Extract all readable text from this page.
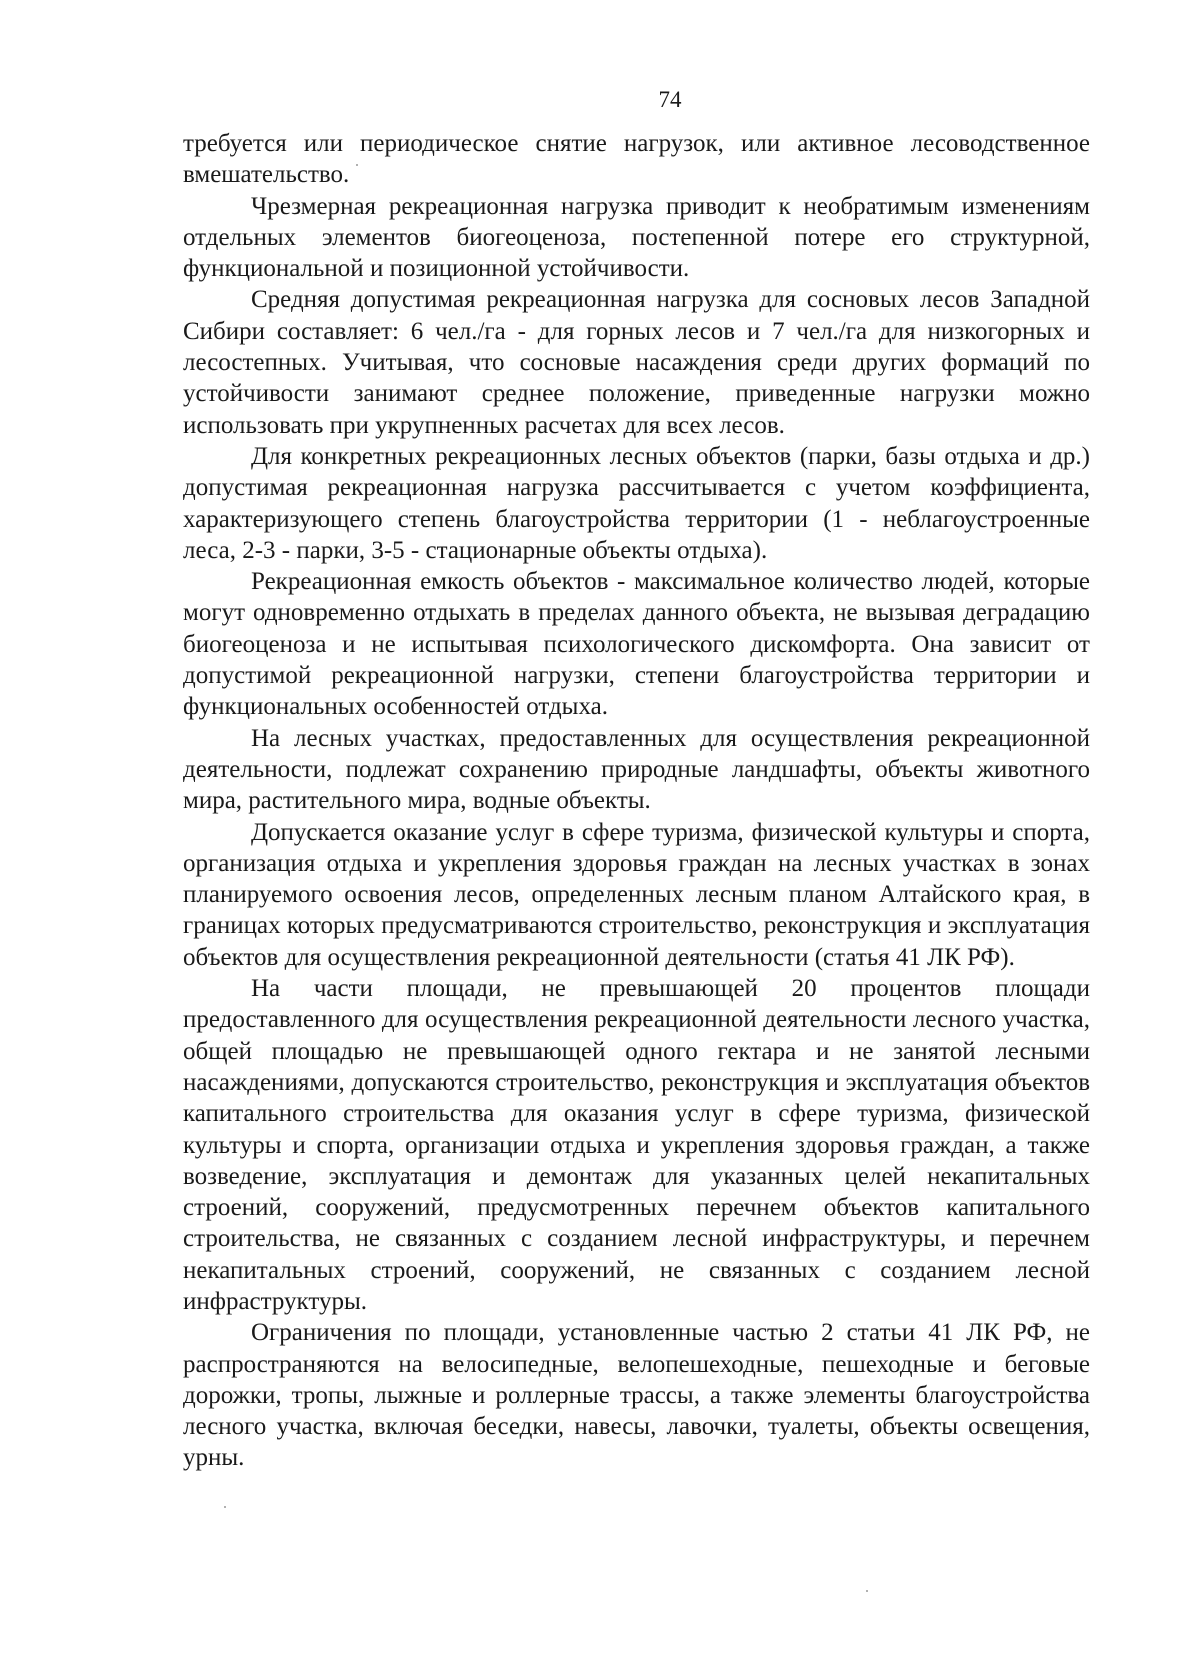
74

требуется или периодическое снятие нагрузок, или активное лесоводственное вмешательство.

Чрезмерная рекреационная нагрузка приводит к необратимым изменениям отдельных элементов биогеоценоза, постепенной потере его структурной, функциональной и позиционной устойчивости.

Средняя допустимая рекреационная нагрузка для сосновых лесов Западной Сибири составляет: 6 чел./га - для горных лесов и 7 чел./га для низкогорных и лесостепных. Учитывая, что сосновые насаждения среди других формаций по устойчивости занимают среднее положение, приведенные нагрузки можно использовать при укрупненных расчетах для всех лесов.

Для конкретных рекреационных лесных объектов (парки, базы отдыха и др.) допустимая рекреационная нагрузка рассчитывается с учетом коэффициента, характеризующего степень благоустройства территории (1 - неблагоустроенные леса, 2-3 - парки, 3-5 - стационарные объекты отдыха).

Рекреационная емкость объектов - максимальное количество людей, которые могут одновременно отдыхать в пределах данного объекта, не вызывая деградацию биогеоценоза и не испытывая психологического дискомфорта. Она зависит от допустимой рекреационной нагрузки, степени благоустройства территории и функциональных особенностей отдыха.

На лесных участках, предоставленных для осуществления рекреационной деятельности, подлежат сохранению природные ландшафты, объекты животного мира, растительного мира, водные объекты.

Допускается оказание услуг в сфере туризма, физической культуры и спорта, организация отдыха и укрепления здоровья граждан на лесных участках в зонах планируемого освоения лесов, определенных лесным планом Алтайского края, в границах которых предусматриваются строительство, реконструкция и эксплуатация объектов для осуществления рекреационной деятельности (статья 41 ЛК РФ).

На части площади, не превышающей 20 процентов площади предоставленного для осуществления рекреационной деятельности лесного участка, общей площадью не превышающей одного гектара и не занятой лесными насаждениями, допускаются строительство, реконструкция и эксплуатация объектов капитального строительства для оказания услуг в сфере туризма, физической культуры и спорта, организации отдыха и укрепления здоровья граждан, а также возведение, эксплуатация и демонтаж для указанных целей некапитальных строений, сооружений, предусмотренных перечнем объектов капитального строительства, не связанных с созданием лесной инфраструктуры, и перечнем некапитальных строений, сооружений, не связанных с созданием лесной инфраструктуры.

Ограничения по площади, установленные частью 2 статьи 41 ЛК РФ, не распространяются на велосипедные, велопешеходные, пешеходные и беговые дорожки, тропы, лыжные и роллерные трассы, а также элементы благоустройства лесного участка, включая беседки, навесы, лавочки, туалеты, объекты освещения, урны.
